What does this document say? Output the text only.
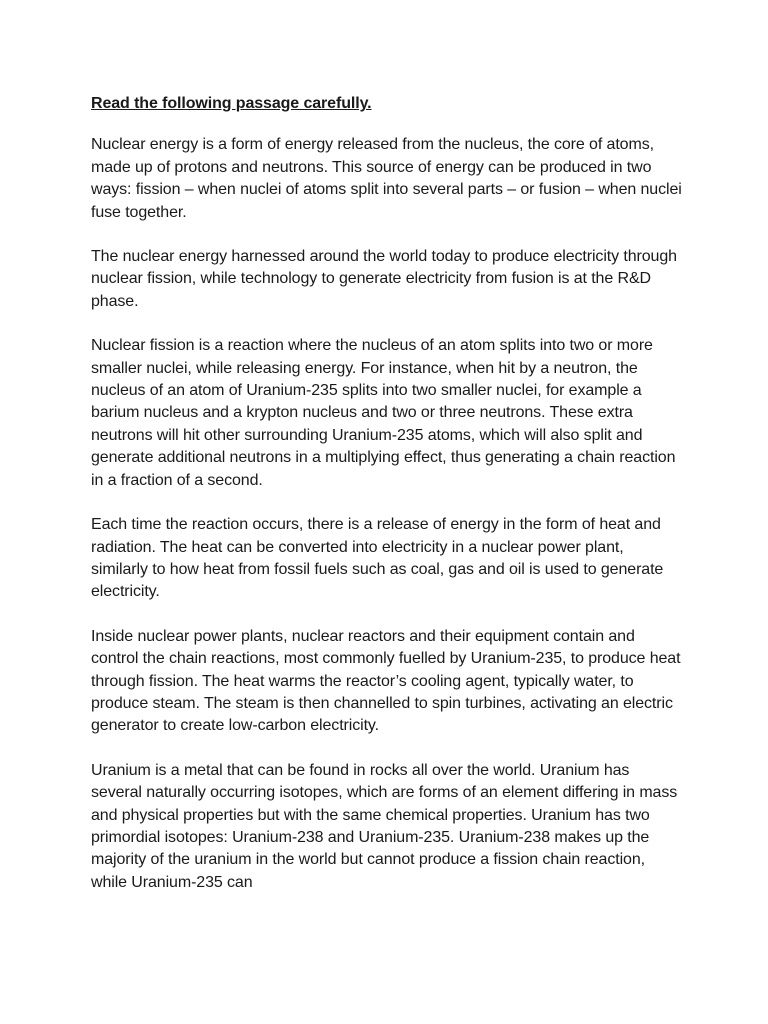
Read the following passage carefully.

Nuclear energy is a form of energy released from the nucleus, the core of atoms, made up of protons and neutrons. This source of energy can be produced in two ways: fission – when nuclei of atoms split into several parts – or fusion – when nuclei fuse together.

The nuclear energy harnessed around the world today to produce electricity through nuclear fission, while technology to generate electricity from fusion is at the R&D phase.

Nuclear fission is a reaction where the nucleus of an atom splits into two or more smaller nuclei, while releasing energy. For instance, when hit by a neutron, the nucleus of an atom of Uranium-235 splits into two smaller nuclei, for example a barium nucleus and a krypton nucleus and two or three neutrons. These extra neutrons will hit other surrounding Uranium-235 atoms, which will also split and generate additional neutrons in a multiplying effect, thus generating a chain reaction in a fraction of a second.

Each time the reaction occurs, there is a release of energy in the form of heat and radiation. The heat can be converted into electricity in a nuclear power plant, similarly to how heat from fossil fuels such as coal, gas and oil is used to generate electricity.

Inside nuclear power plants, nuclear reactors and their equipment contain and control the chain reactions, most commonly fuelled by Uranium-235, to produce heat through fission. The heat warms the reactor’s cooling agent, typically water, to produce steam. The steam is then channelled to spin turbines, activating an electric generator to create low-carbon electricity.

Uranium is a metal that can be found in rocks all over the world. Uranium has several naturally occurring isotopes, which are forms of an element differing in mass and physical properties but with the same chemical properties. Uranium has two primordial isotopes: Uranium-238 and Uranium-235. Uranium-238 makes up the majority of the uranium in the world but cannot produce a fission chain reaction, while Uranium-235 can
